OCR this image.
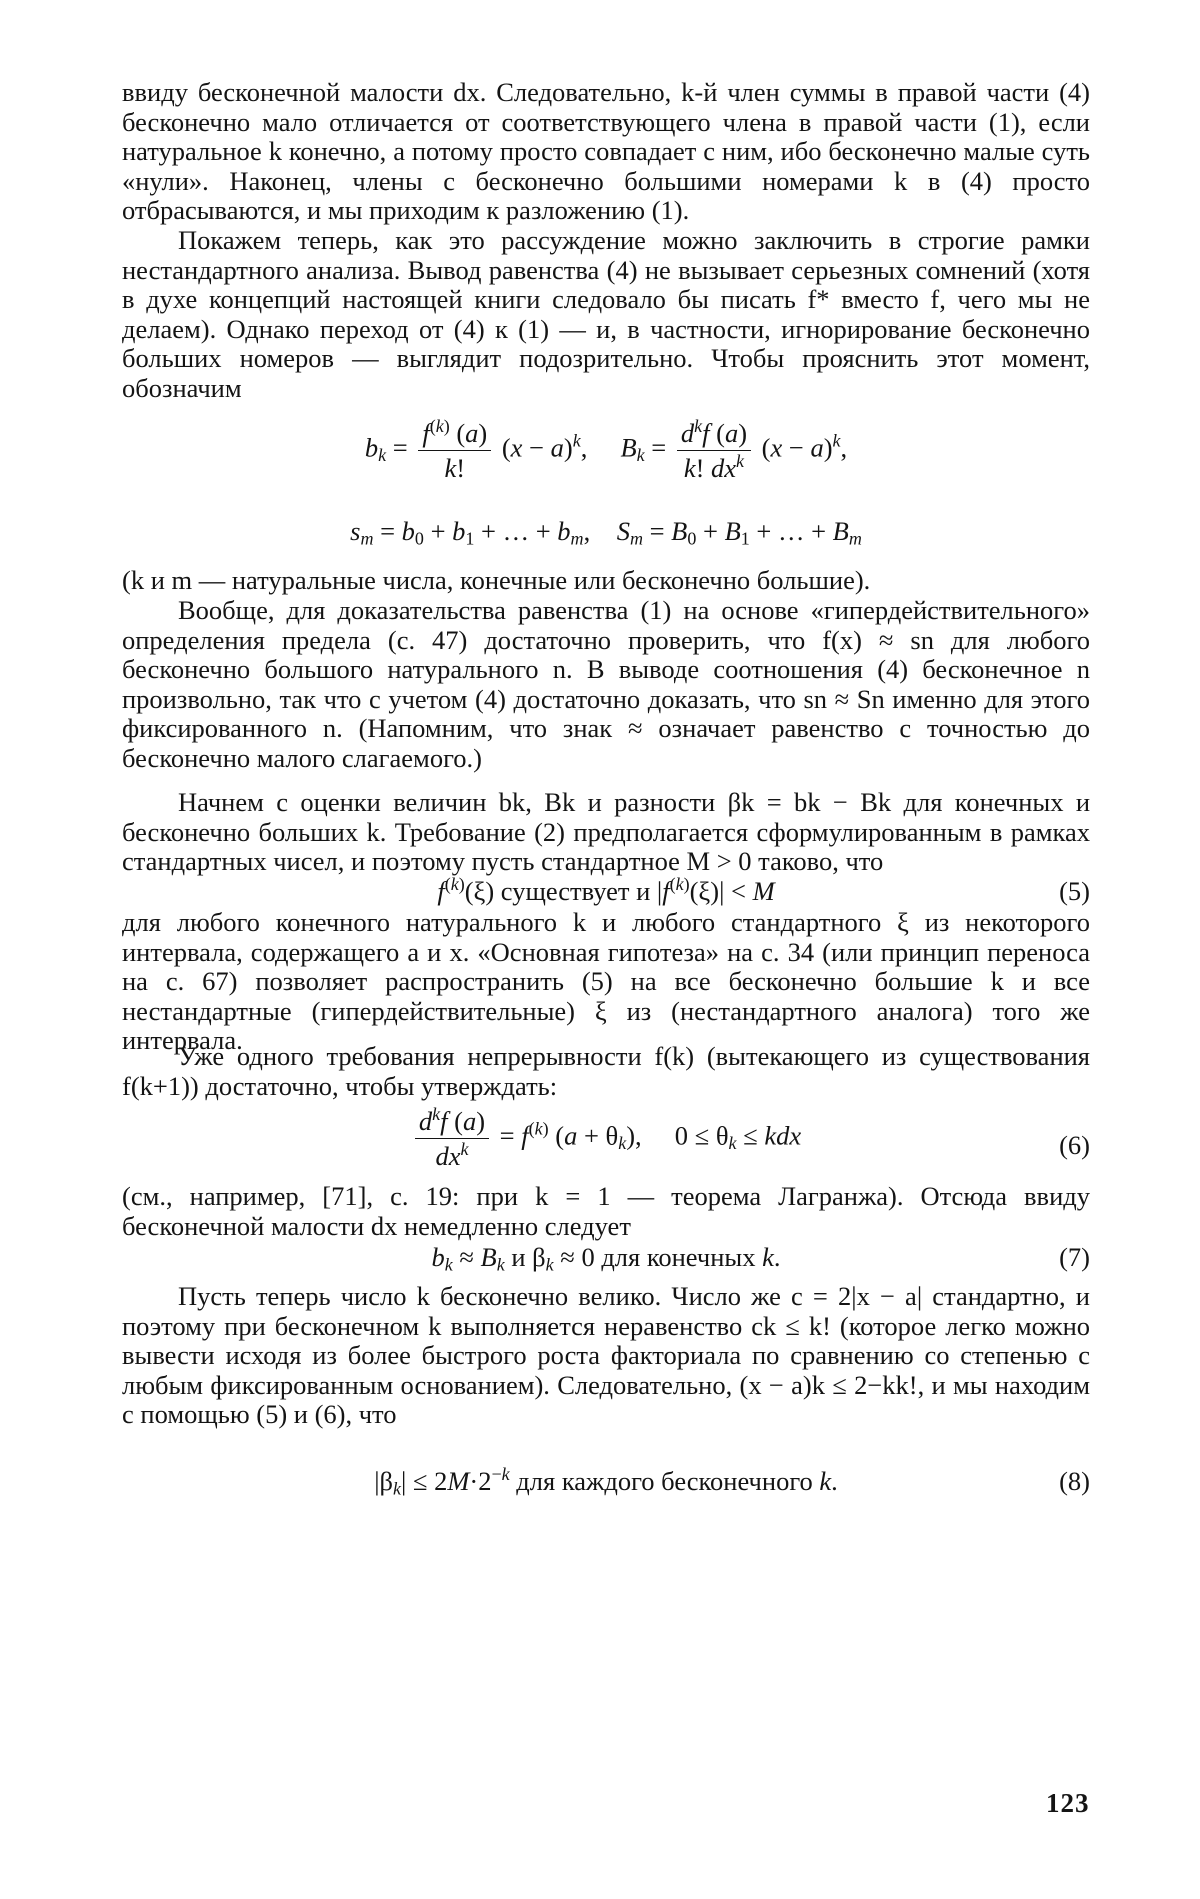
ввиду бесконечной малости dx. Следовательно, k-й член суммы в правой части (4) бесконечно мало отличается от соответствующего члена в правой части (1), если натуральное k конечно, а потому просто совпадает с ним, ибо бесконечно малые суть «нули». Наконец, члены с бесконечно большими номерами k в (4) просто отбрасываются, и мы приходим к разложению (1).

Покажем теперь, как это рассуждение можно заключить в строгие рамки нестандартного анализа. Вывод равенства (4) не вызывает серьезных сомнений (хотя в духе концепций настоящей книги следовало бы писать f* вместо f, чего мы не делаем). Однако переход от (4) к (1) — и, в частности, игнорирование бесконечно больших номеров — выглядит подозрительно. Чтобы прояснить этот момент, обозначим

$b_k = \frac{f^{(k)} (a)}{k!} (x - a)^k$,     $B_k = \frac{d^kf (a)}{k! dx^k} (x - a)^k$,
$s_m = b_0 + b_1$ + … + $b_m$,    $S_m = B_0 + B_1$ + … + $B_m$

(k и m — натуральные числа, конечные или бесконечно большие).

Вообще, для доказательства равенства (1) на основе «гипердействительного» определения предела (с. 47) достаточно проверить, что f(x) ≈ sn для любого бесконечно большого натурального n. В выводе соотношения (4) бесконечное n произвольно, так что с учетом (4) достаточно доказать, что sn ≈ Sn именно для этого фиксированного n. (Напомним, что знак ≈ означает равенство с точностью до бесконечно малого слагаемого.)

Начнем с оценки величин bk, Bk и разности βk = bk − Bk для конечных и бесконечно больших k. Требование (2) предполагается сформулированным в рамках стандартных чисел, и поэтому пусть стандартное M > 0 таково, что

$f^{(k)}(\xi)$ существует и $|f^{(k)}(\xi)| < M$	(5)

для любого конечного натурального k и любого стандартного ξ из некоторого интервала, содержащего a и x. «Основная гипотеза» на с. 34 (или принцип переноса на с. 67) позволяет распространить (5) на все бесконечно большие k и все нестандартные (гипердействительные) ξ из (нестандартного аналога) того же интервала.

Уже одного требования непрерывности f(k) (вытекающего из существования f(k+1)) достаточно, чтобы утверждать:

$\frac{d^kf (a)}{dx^k} = f^{(k)}$ $(a + \theta_k)$,     $0 \le \theta_k$ ≤ kdx	(6)

(см., например, [71], с. 19: при k = 1 — теорема Лагранжа). Отсюда ввиду бесконечной малости dx немедленно следует

$b_k \approx B_k$ и $\beta_k \approx 0$ для конечных k.	(7)

Пусть теперь число k бесконечно велико. Число же c = 2|x − a| стандартно, и поэтому при бесконечном k выполняется неравенство ck ≤ k! (которое легко можно вывести исходя из более быстрого роста факториала по сравнению со степенью с любым фиксированным основанием). Следовательно, (x − a)k ≤ 2−kk!, и мы находим с помощью (5) и (6), что

$|\beta_k| \le 2M\cdot 2^{-k}$ для каждого бесконечного k.	(8)
123
